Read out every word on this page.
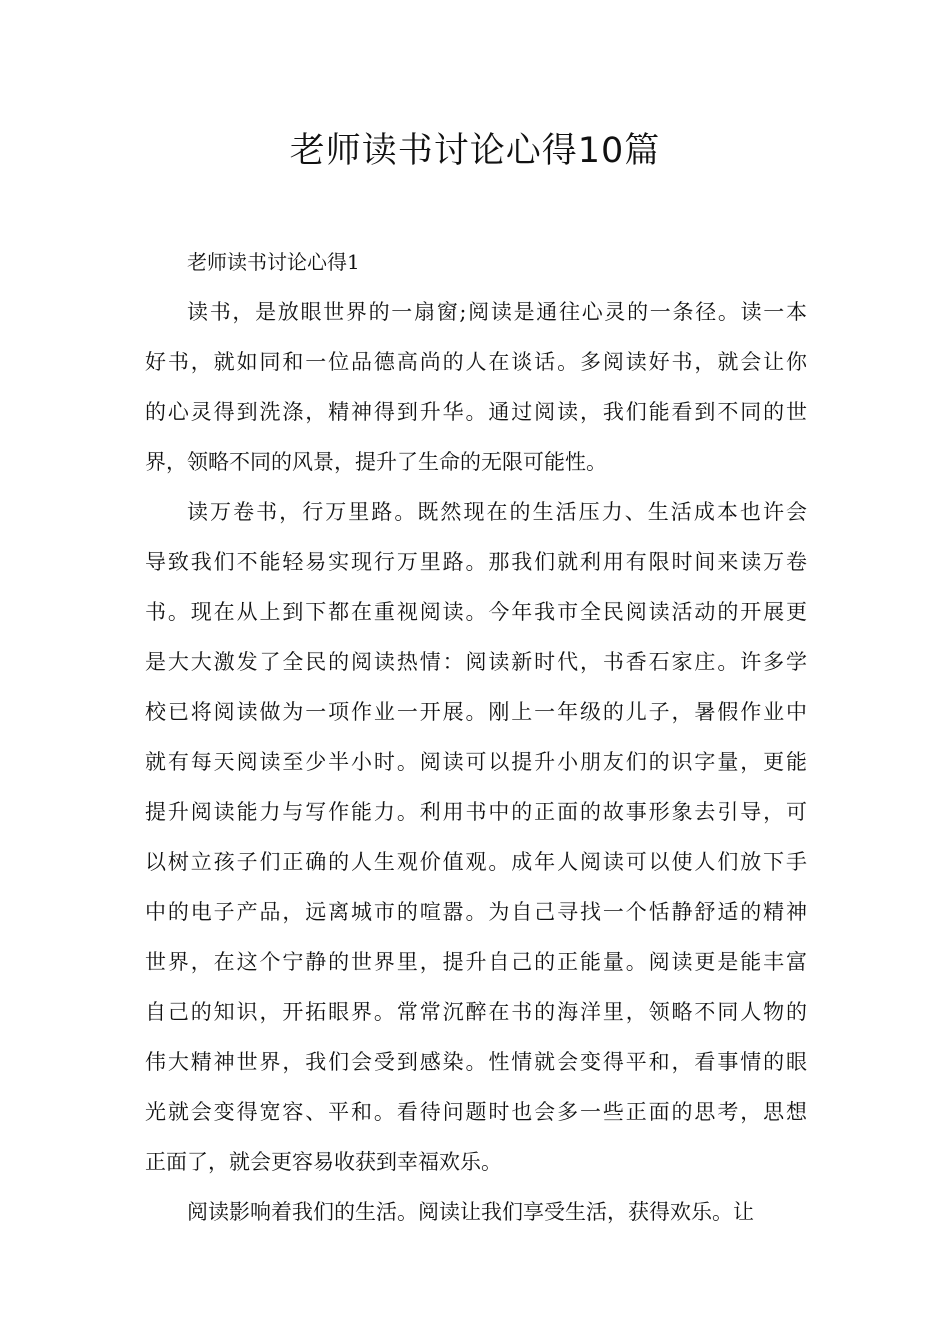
老师读书讨论心得10篇
老师读书讨论心得1
读书，是放眼世界的一扇窗;阅读是通往心灵的一条径。读一本
好书，就如同和一位品德高尚的人在谈话。多阅读好书，就会让你
的心灵得到洗涤，精神得到升华。通过阅读，我们能看到不同的世
界，领略不同的风景，提升了生命的无限可能性。
读万卷书，行万里路。既然现在的生活压力、生活成本也许会
导致我们不能轻易实现行万里路。那我们就利用有限时间来读万卷
书。现在从上到下都在重视阅读。今年我市全民阅读活动的开展更
是大大激发了全民的阅读热情：阅读新时代，书香石家庄。许多学
校已将阅读做为一项作业一开展。刚上一年级的儿子，暑假作业中
就有每天阅读至少半小时。阅读可以提升小朋友们的识字量，更能
提升阅读能力与写作能力。利用书中的正面的故事形象去引导，可
以树立孩子们正确的人生观价值观。成年人阅读可以使人们放下手
中的电子产品，远离城市的喧嚣。为自己寻找一个恬静舒适的精神
世界，在这个宁静的世界里，提升自己的正能量。阅读更是能丰富
自己的知识，开拓眼界。常常沉醉在书的海洋里，领略不同人物的
伟大精神世界，我们会受到感染。性情就会变得平和，看事情的眼
光就会变得宽容、平和。看待问题时也会多一些正面的思考，思想
正面了，就会更容易收获到幸福欢乐。
阅读影响着我们的生活。阅读让我们享受生活，获得欢乐。让
